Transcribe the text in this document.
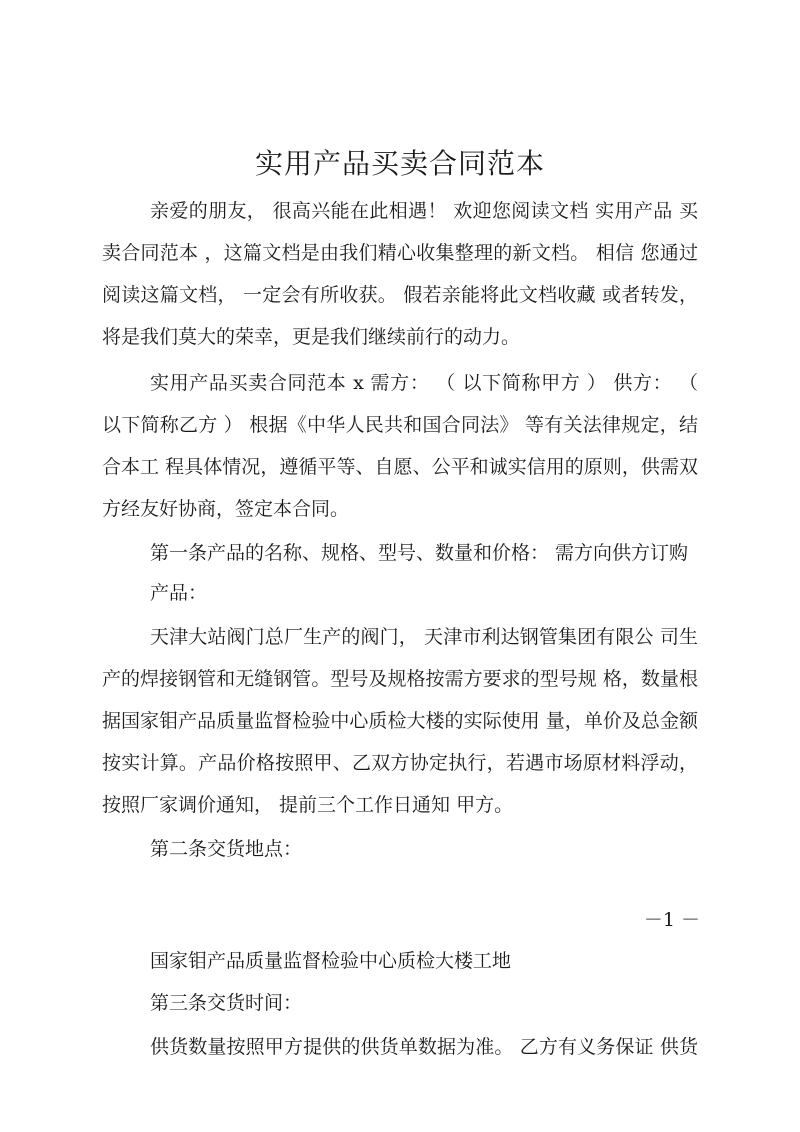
实用产品买卖合同范本
亲爱的朋友， 很高兴能在此相遇！ 欢迎您阅读文档 实用产品 买
卖合同范本 ，这篇文档是由我们精心收集整理的新文档。 相信 您通过
阅读这篇文档， 一定会有所收获。 假若亲能将此文档收藏 或者转发，
将是我们莫大的荣幸，更是我们继续前行的动力。
实用产品买卖合同范本 x 需方： （ 以下简称甲方 ） 供方： （
以下简称乙方 ） 根据《中华人民共和国合同法》 等有关法律规定，结
合本工 程具体情况，遵循平等、自愿、公平和诚实信用的原则，供需双
方经友好协商，签定本合同。
第一条产品的名称、规格、型号、数量和价格： 需方向供方订购
产品：
天津大站阀门总厂生产的阀门， 天津市利达钢管集团有限公 司生
产的焊接钢管和无缝钢管。型号及规格按需方要求的型号规 格，数量根
据国家钼产品质量监督检验中心质检大楼的实际使用 量，单价及总金额
按实计算。产品价格按照甲、乙双方协定执行，若遇市场原材料浮动，
按照厂家调价通知， 提前三个工作日通知 甲方。
第二条交货地点：
－1 －
国家钼产品质量监督检验中心质检大楼工地
第三条交货时间：
供货数量按照甲方提供的供货单数据为准。 乙方有义务保证 供货
